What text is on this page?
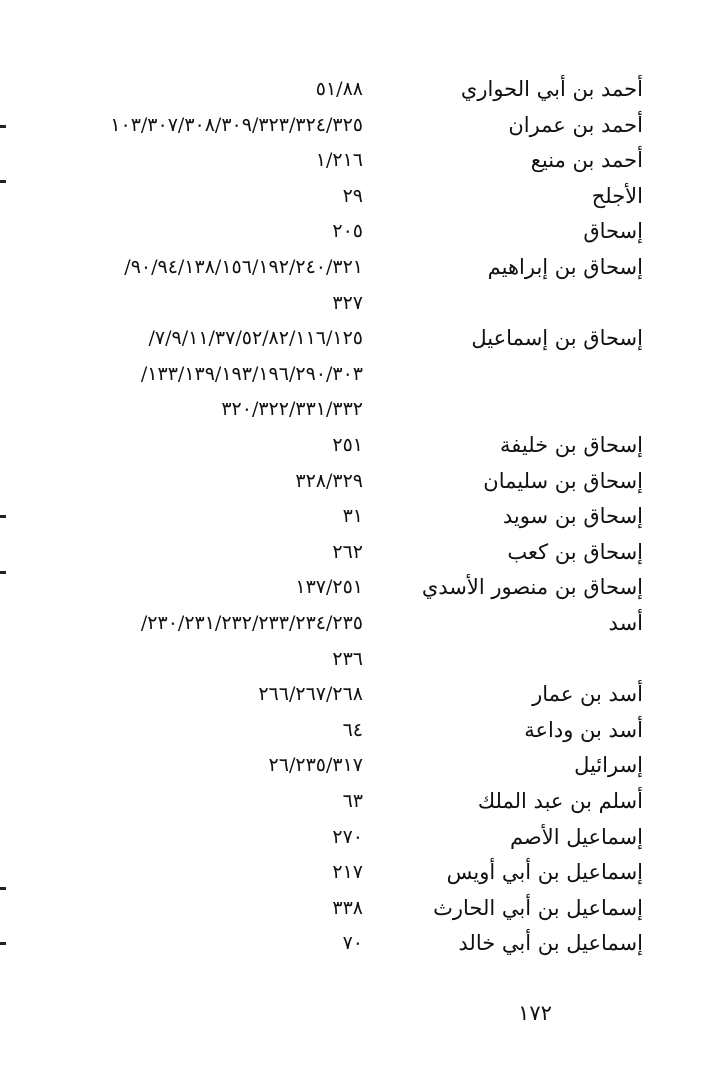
أحمد بن أبي الحواري
٥١/٨٨
أحمد بن عمران
١٠٣/٣٠٧/٣٠٨/٣٠٩/٣٢٣/٣٢٤/٣٢٥
أحمد بن منيع
١/٢١٦
الأجلح
٢٩
إسحاق
٢٠٥
إسحاق بن إبراهيم
٩٠/٩٤/١٣٨/١٥٦/١٩٢/٢٤٠/٣٢١/
٣٢٧
إسحاق بن إسماعيل
٧/٩/١١/٣٧/٥٢/٨٢/١١٦/١٢٥/
١٣٣/١٣٩/١٩٣/١٩٦/٢٩٠/٣٠٣/
٣٢٠/٣٢٢/٣٣١/٣٣٢
إسحاق بن خليفة
٢٥١
إسحاق بن سليمان
٣٢٨/٣٢٩
إسحاق بن سويد
٣١
إسحاق بن كعب
٢٦٢
إسحاق بن منصور الأسدي
١٣٧/٢٥١
أسد
٢٣٠/٢٣١/٢٣٢/٢٣٣/٢٣٤/٢٣٥/
٢٣٦
أسد بن عمار
٢٦٦/٢٦٧/٢٦٨
أسد بن وداعة
٦٤
إسرائيل
٢٦/٢٣٥/٣١٧
أسلم بن عبد الملك
٦٣
إسماعيل الأصم
٢٧٠
إسماعيل بن أبي أويس
٢١٧
إسماعيل بن أبي الحارث
٣٣٨
إسماعيل بن أبي خالد
٧٠
١٧٢
